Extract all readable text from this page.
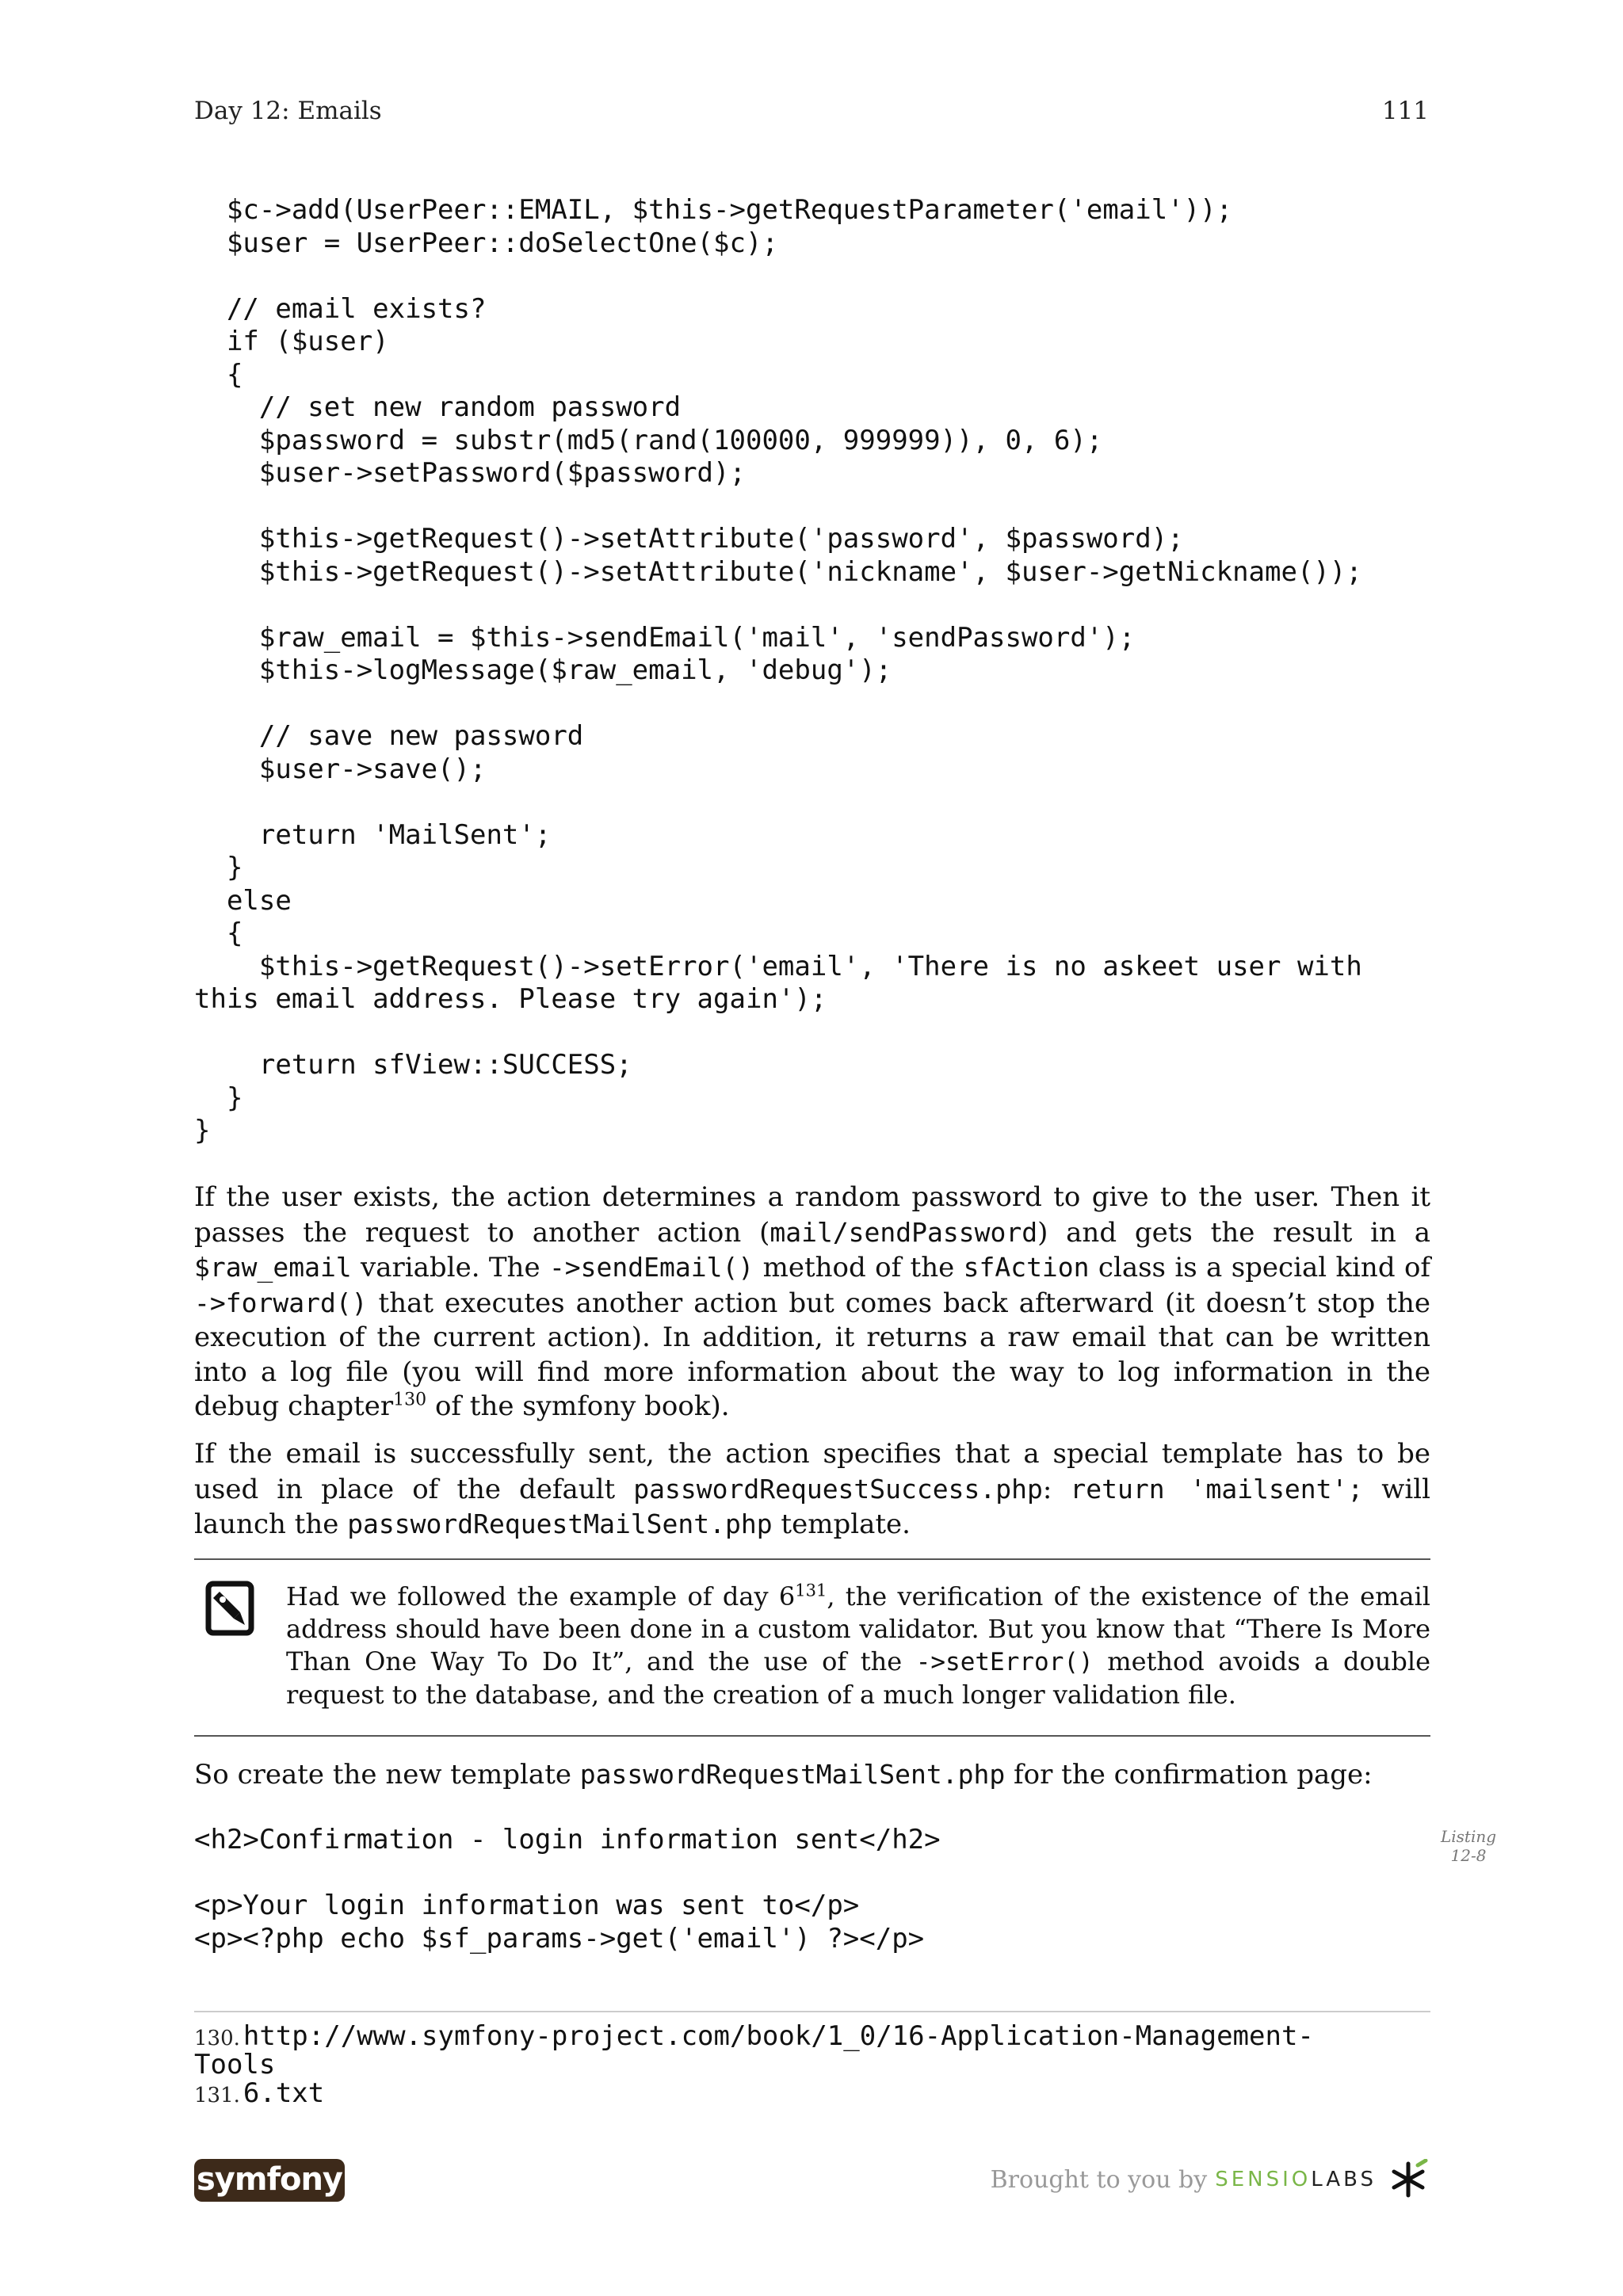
Day 12: Emails	111
$c->add(UserPeer::EMAIL, $this->getRequestParameter('email'));
$user = UserPeer::doSelectOne($c);

// email exists?
if ($user)
{
// set new random password
$password = substr(md5(rand(100000, 999999)), 0, 6);
$user->setPassword($password);

$this->getRequest()->setAttribute('password', $password);
$this->getRequest()->setAttribute('nickname', $user->getNickname());

$raw_email = $this->sendEmail('mail', 'sendPassword');
$this->logMessage($raw_email, 'debug');

// save new password
$user->save();

return 'MailSent';
}
else
{
$this->getRequest()->setError('email', 'There is no askeet user with
this email address. Please try again');

return sfView::SUCCESS;
}
}

If the user exists, the action determines a random password to give to the user. Then it passes the request to another action (mail/sendPassword) and gets the result in a $raw_email variable. The ->sendEmail() method of the sfAction class is a special kind of ->forward() that executes another action but comes back afterward (it doesn’t stop the execution of the current action). In addition, it returns a raw email that can be written into a log file (you will find more information about the way to log information in the debug chapter$^{130}$ of the symfony book).

If the email is successfully sent, the action specifies that a special template has to be used in place of the default passwordRequestSuccess.php: return 'mailsent'; will launch the passwordRequestMailSent.php template.

Had we followed the example of day $6^{131}$, the verification of the existence of the email address should have been done in a custom validator. But you know that “There Is More Than One Way To Do It”, and the use of the ->setError() method avoids a double request to the database, and the creation of a much longer validation file.

So create the new template passwordRequestMailSent.php for the confirmation page:

Listing
12-8
<h2>Confirmation - login information sent</h2>

<p>Your login information was sent to</p>
<p><?php echo $sf_params->get('email') ?></p>
130. http://www.symfony-project.com/book/1_0/16-Application-Management-
Tools
131. 6.txt
symfony	Brought to you by SENSIOLABS
